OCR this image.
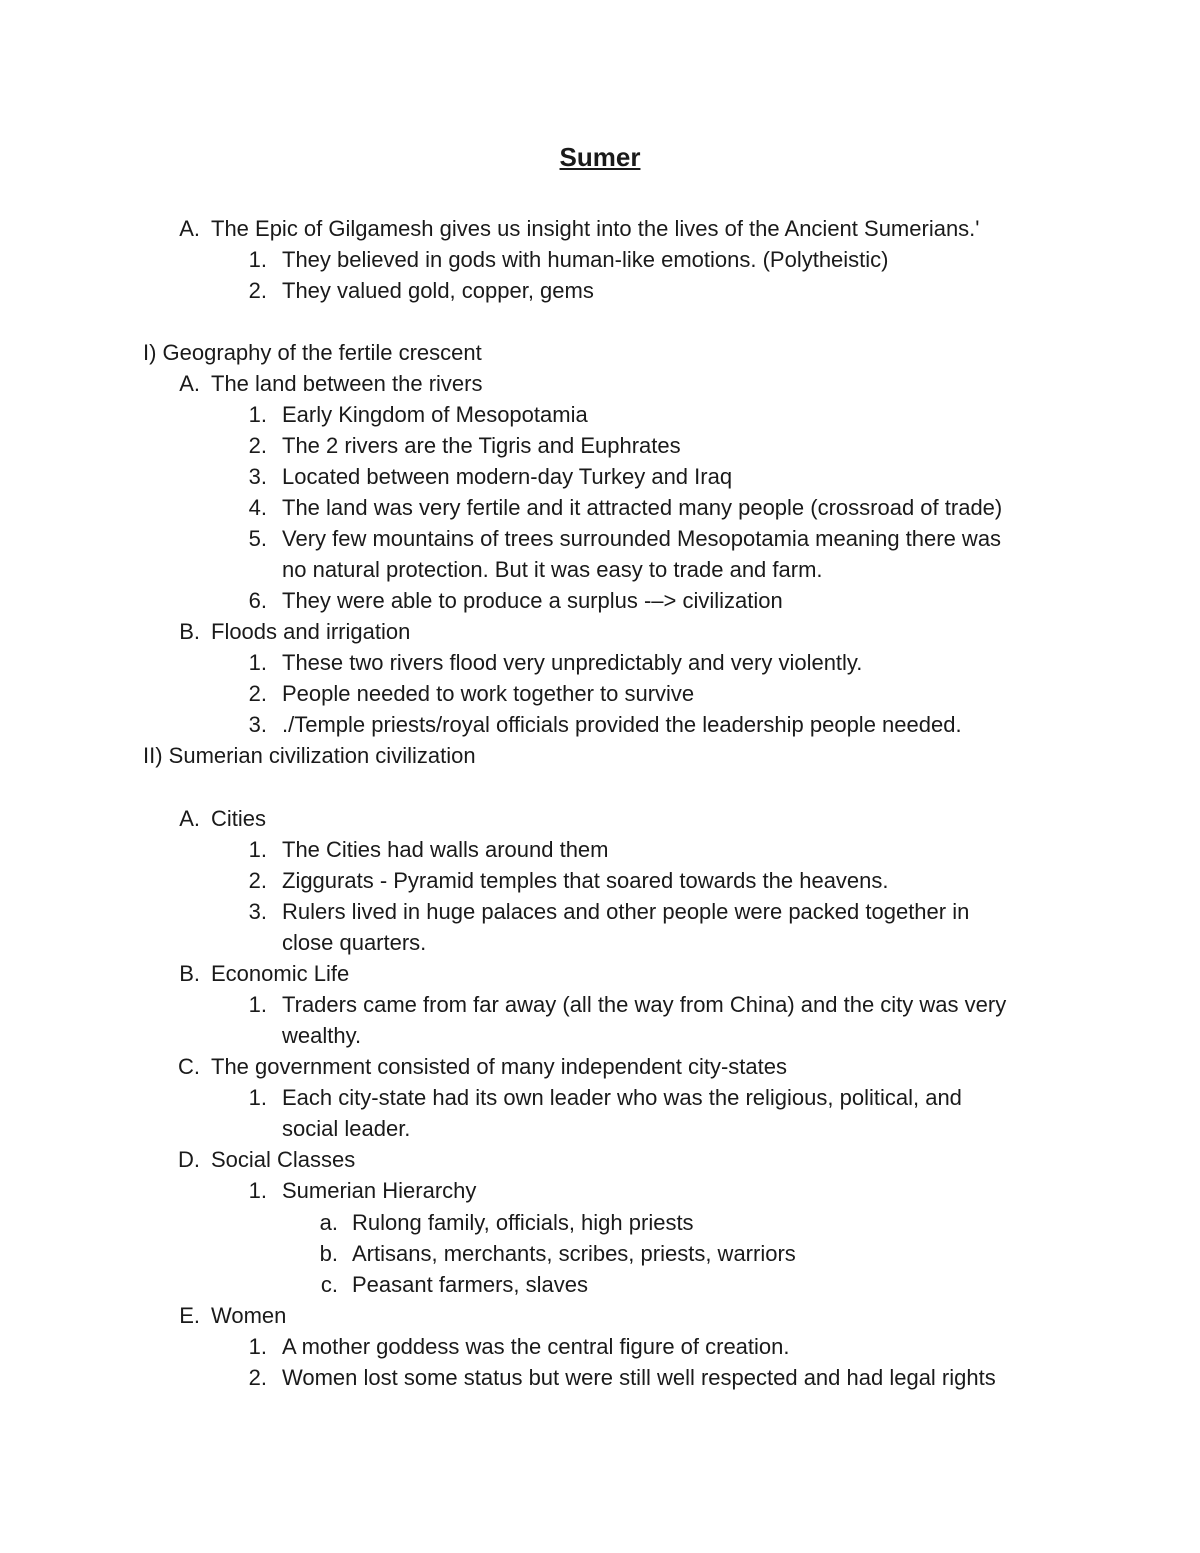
Sumer
A. The Epic of Gilgamesh gives us insight into the lives of the Ancient Sumerians.'
1. They believed in gods with human-like emotions. (Polytheistic)
2. They valued gold, copper, gems
I) Geography of the fertile crescent
A. The land between the rivers
1. Early Kingdom of Mesopotamia
2. The 2 rivers are the Tigris and Euphrates
3. Located between modern-day Turkey and Iraq
4. The land was very fertile and it attracted many people (crossroad of trade)
5. Very few mountains of trees surrounded Mesopotamia meaning there was
no natural protection. But it was easy to trade and farm.
6. They were able to produce a surplus -–> civilization
B. Floods and irrigation
1. These two rivers flood very unpredictably and very violently.
2. People needed to work together to survive
3. ./Temple priests/royal officials provided the leadership people needed.
II) Sumerian civilization civilization
A. Cities
1. The Cities had walls around them
2. Ziggurats - Pyramid temples that soared towards the heavens.
3. Rulers lived in huge palaces and other people were packed together in
close quarters.
B. Economic Life
1. Traders came from far away (all the way from China) and the city was very
wealthy.
C. The government consisted of many independent city-states
1. Each city-state had its own leader who was the religious, political, and
social leader.
D. Social Classes
1. Sumerian Hierarchy
a. Rulong family, officials, high priests
b. Artisans, merchants, scribes, priests, warriors
c. Peasant farmers, slaves
E. Women
1. A mother goddess was the central figure of creation.
2. Women lost some status but were still well respected and had legal rights
